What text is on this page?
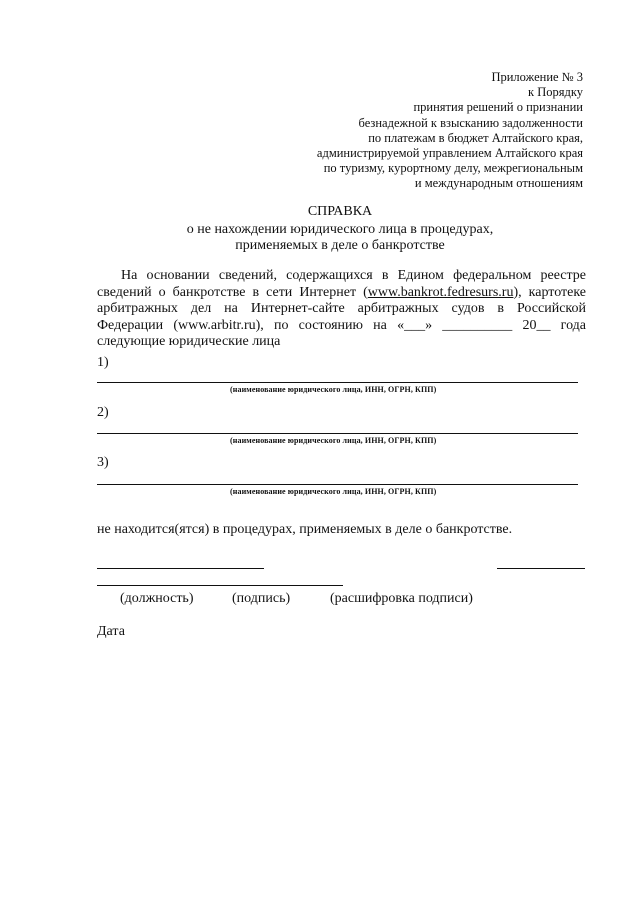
Приложение № 3
к Порядку
принятия решений о признании
безнадежной к взысканию задолженности
по платежам в бюджет Алтайского края,
администрируемой управлением Алтайского края
по туризму, курортному делу, межрегиональным
и международным отношениям
СПРАВКА
о не нахождении юридического лица в процедурах,
применяемых в деле о банкротстве
На основании сведений, содержащихся в Едином федеральном реестре сведений о банкротстве в сети Интернет (www.bankrot.fedresurs.ru), картотеке арбитражных дел на Интернет-сайте арбитражных судов в Российской Федерации (www.arbitr.ru), по состоянию на «___» __________ 20__ года следующие юридические лица
1)
(наименование юридического лица, ИНН, ОГРН, КПП)
2)
(наименование юридического лица, ИНН, ОГРН, КПП)
3)
(наименование юридического лица, ИНН, ОГРН, КПП)
не находится(ятся) в процедурах, применяемых в деле о банкротстве.
(должность)	(подпись)	(расшифровка подписи)
Дата
